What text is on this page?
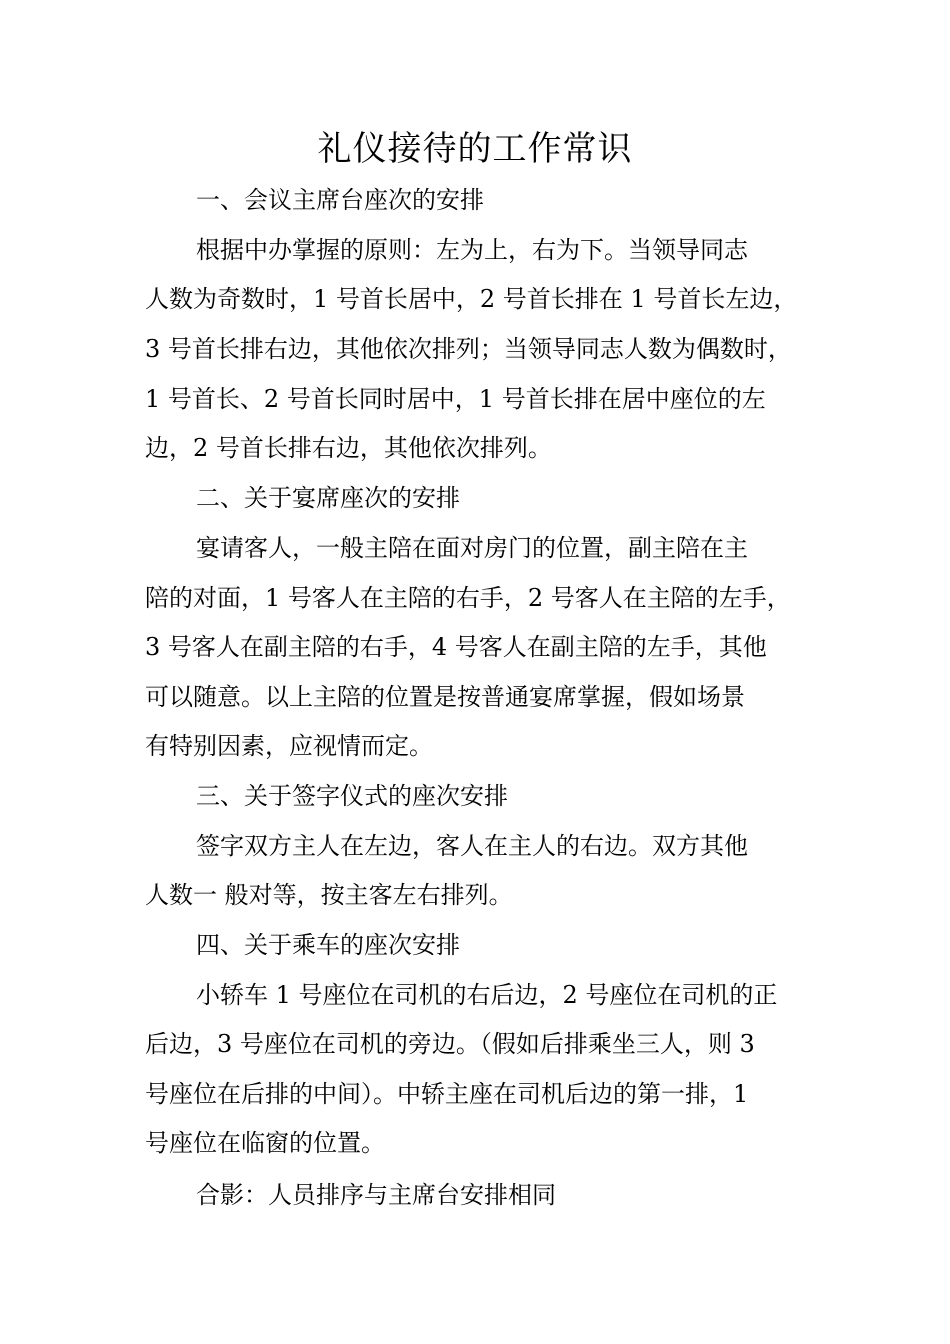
礼仪接待的工作常识
一、会议主席台座次的安排
根据中办掌握的原则：左为上，右为下。当领导同志
人数为奇数时，1 号首长居中，2 号首长排在 1 号首长左边，
3 号首长排右边，其他依次排列；当领导同志人数为偶数时，
1 号首长、2 号首长同时居中，1 号首长排在居中座位的左
边，2 号首长排右边，其他依次排列。
二、关于宴席座次的安排
宴请客人，一般主陪在面对房门的位置，副主陪在主
陪的对面，1 号客人在主陪的右手，2 号客人在主陪的左手，
3 号客人在副主陪的右手，4 号客人在副主陪的左手，其他
可以随意。以上主陪的位置是按普通宴席掌握，假如场景
有特别因素，应视情而定。
三、关于签字仪式的座次安排
签字双方主人在左边，客人在主人的右边。双方其他
人数一 般对等，按主客左右排列。
四、关于乘车的座次安排
小轿车 1 号座位在司机的右后边，2 号座位在司机的正
后边，3 号座位在司机的旁边。（假如后排乘坐三人，则 3
号座位在后排的中间）。中轿主座在司机后边的第一排，1
号座位在临窗的位置。
合影：人员排序与主席台安排相同
